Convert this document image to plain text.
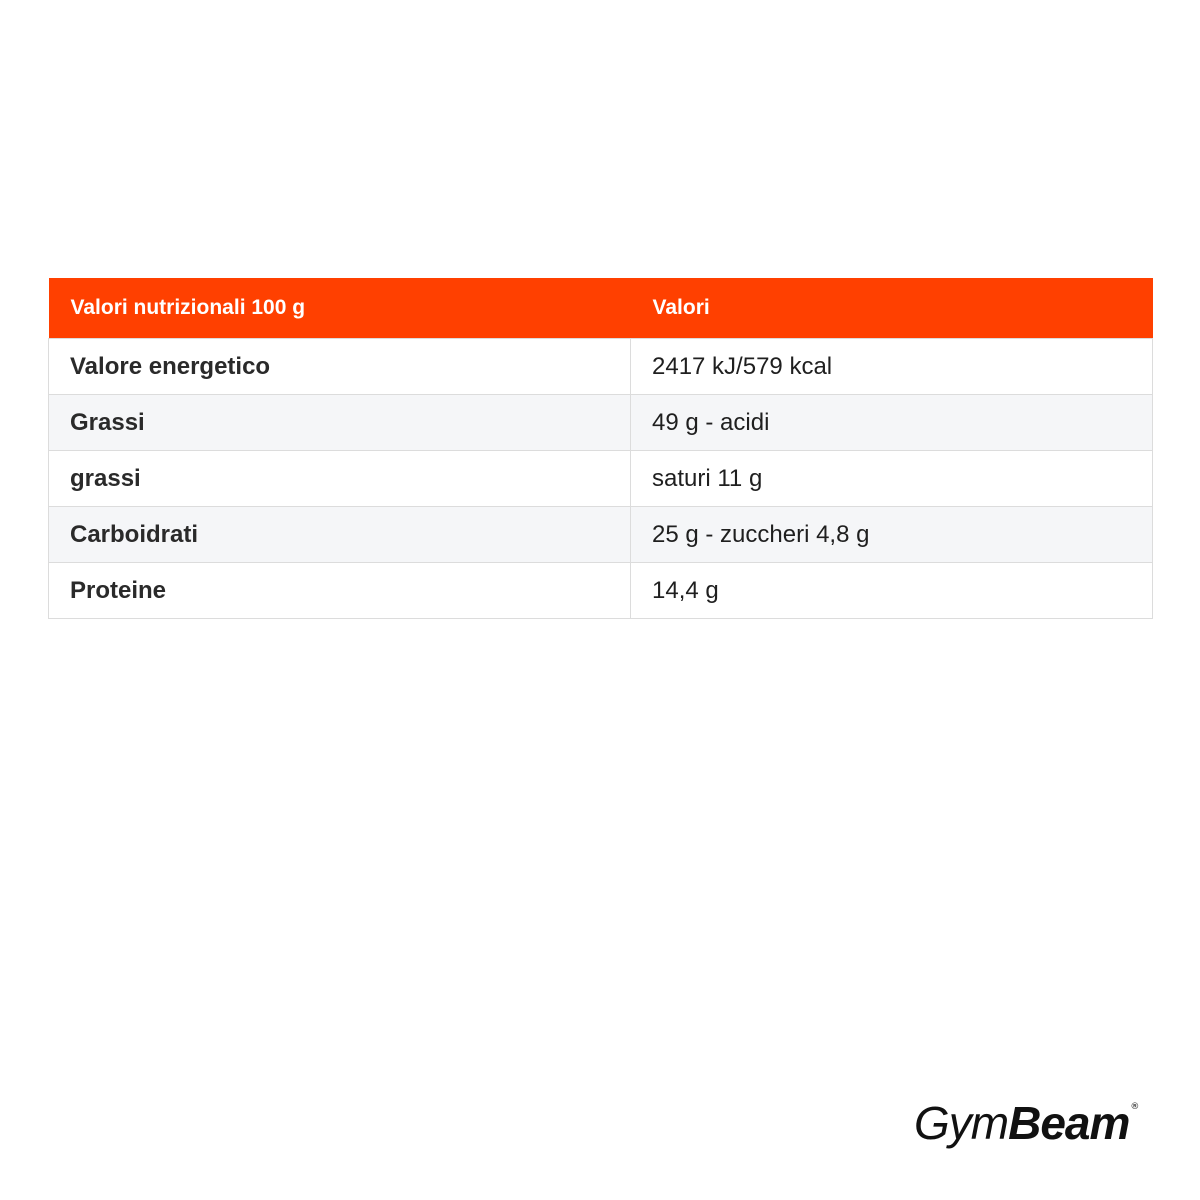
Valori nutrizionali 100 g	Valori
Valore energetico	2417 kJ/579 kcal
Grassi	49 g - acidi
grassi	saturi 11 g
Carboidrati	25 g - zuccheri 4,8 g
Proteine	14,4 g
GymBeam®
